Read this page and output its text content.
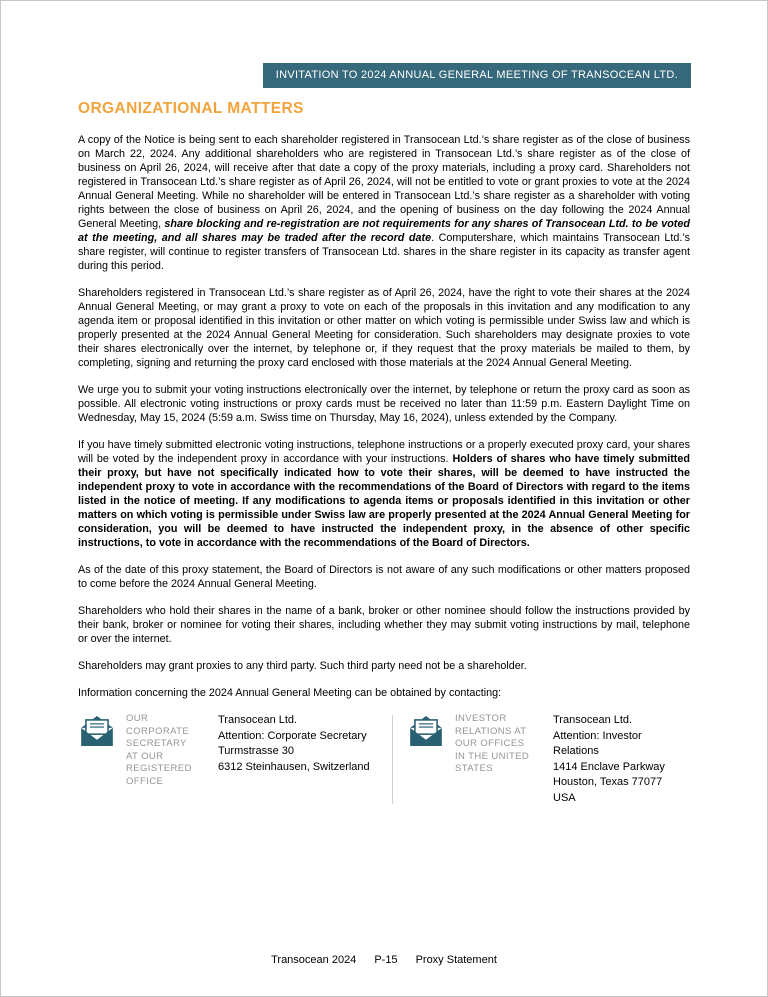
INVITATION TO 2024 ANNUAL GENERAL MEETING OF TRANSOCEAN LTD.
ORGANIZATIONAL MATTERS

A copy of the Notice is being sent to each shareholder registered in Transocean Ltd.’s share register as of the close of business on March 22, 2024. Any additional shareholders who are registered in Transocean Ltd.’s share register as of the close of business on April 26, 2024, will receive after that date a copy of the proxy materials, including a proxy card. Shareholders not registered in Transocean Ltd.’s share register as of April 26, 2024, will not be entitled to vote or grant proxies to vote at the 2024 Annual General Meeting. While no shareholder will be entered in Transocean Ltd.’s share register as a shareholder with voting rights between the close of business on April 26, 2024, and the opening of business on the day following the 2024 Annual General Meeting, share blocking and re-registration are not requirements for any shares of Transocean Ltd. to be voted at the meeting, and all shares may be traded after the record date. Computershare, which maintains Transocean Ltd.’s share register, will continue to register transfers of Transocean Ltd. shares in the share register in its capacity as transfer agent during this period.

Shareholders registered in Transocean Ltd.’s share register as of April 26, 2024, have the right to vote their shares at the 2024 Annual General Meeting, or may grant a proxy to vote on each of the proposals in this invitation and any modification to any agenda item or proposal identified in this invitation or other matter on which voting is permissible under Swiss law and which is properly presented at the 2024 Annual General Meeting for consideration. Such shareholders may designate proxies to vote their shares electronically over the internet, by telephone or, if they request that the proxy materials be mailed to them, by completing, signing and returning the proxy card enclosed with those materials at the 2024 Annual General Meeting.

We urge you to submit your voting instructions electronically over the internet, by telephone or return the proxy card as soon as possible. All electronic voting instructions or proxy cards must be received no later than 11:59 p.m. Eastern Daylight Time on Wednesday, May 15, 2024 (5:59 a.m. Swiss time on Thursday, May 16, 2024), unless extended by the Company.

If you have timely submitted electronic voting instructions, telephone instructions or a properly executed proxy card, your shares will be voted by the independent proxy in accordance with your instructions. Holders of shares who have timely submitted their proxy, but have not specifically indicated how to vote their shares, will be deemed to have instructed the independent proxy to vote in accordance with the recommendations of the Board of Directors with regard to the items listed in the notice of meeting. If any modifications to agenda items or proposals identified in this invitation or other matters on which voting is permissible under Swiss law are properly presented at the 2024 Annual General Meeting for consideration, you will be deemed to have instructed the independent proxy, in the absence of other specific instructions, to vote in accordance with the recommendations of the Board of Directors.

As of the date of this proxy statement, the Board of Directors is not aware of any such modifications or other matters proposed to come before the 2024 Annual General Meeting.

Shareholders who hold their shares in the name of a bank, broker or other nominee should follow the instructions provided by their bank, broker or nominee for voting their shares, including whether they may submit voting instructions by mail, telephone or over the internet.

Shareholders may grant proxies to any third party. Such third party need not be a shareholder.

Information concerning the 2024 Annual General Meeting can be obtained by contacting:

OUR
CORPORATE
SECRETARY
AT OUR
REGISTERED
OFFICE
Transocean Ltd.
Attention: Corporate Secretary
Turmstrasse 30
6312 Steinhausen, Switzerland
INVESTOR
RELATIONS AT
OUR OFFICES
IN THE UNITED
STATES
Transocean Ltd.
Attention: Investor Relations
1414 Enclave Parkway
Houston, Texas 77077
USA
Transocean 2024 P-15 Proxy Statement
